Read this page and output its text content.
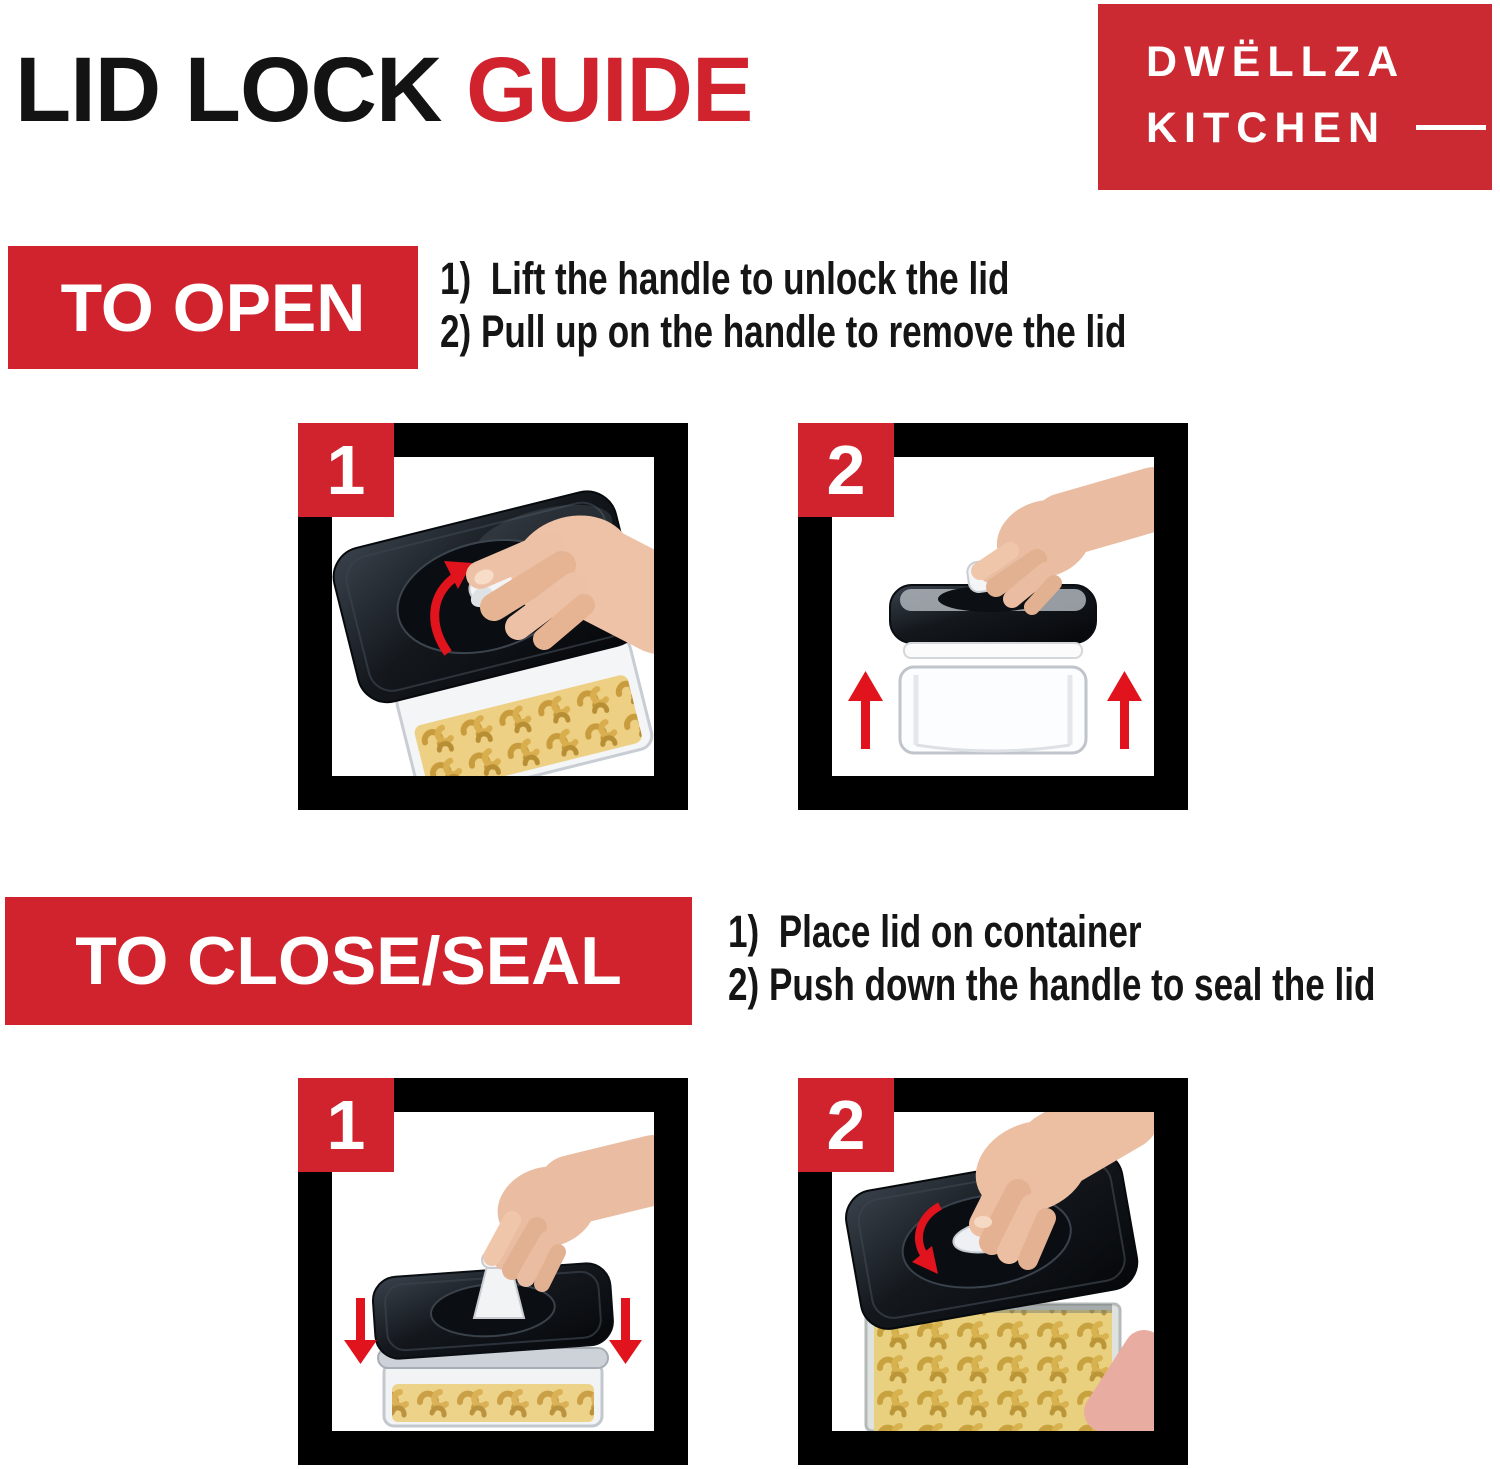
LID LOCK GUIDE	DWËLLZA
KITCHEN
TO OPEN	1)  Lift the handle to unlock the lid
2) Pull up on the handle to remove the lid
1	2
TO CLOSE/SEAL	1)  Place lid on container
2) Push down the handle to seal the lid
1	2
